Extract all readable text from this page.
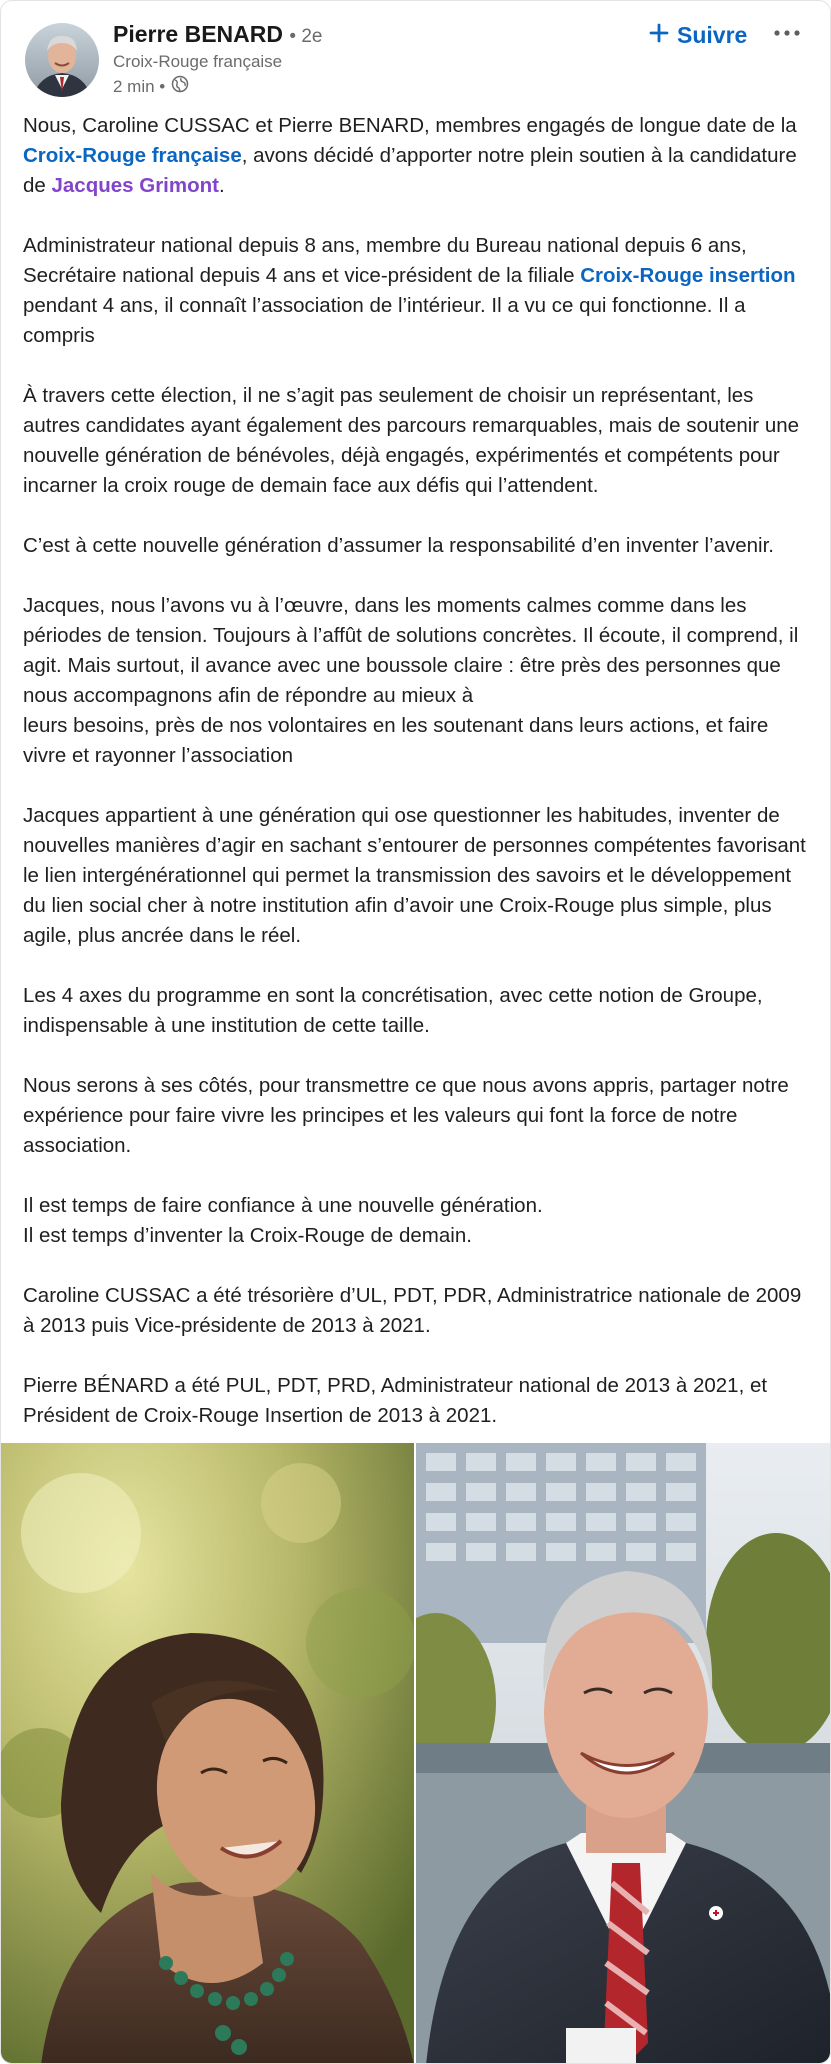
Pierre BENARD • 2e
Croix-Rouge française
2 min •
Suivre

Nous, Caroline CUSSAC et Pierre BENARD, membres engagés de longue date de la Croix-Rouge française, avons décidé d’apporter notre plein soutien à la candidature de Jacques Grimont.

Administrateur national depuis 8 ans, membre du Bureau national depuis 6 ans, Secrétaire national depuis 4 ans et vice-président de la filiale Croix-Rouge insertion pendant 4 ans, il connaît l’association de l’intérieur. Il a vu ce qui fonctionne. Il a compris

À travers cette élection, il ne s’agit pas seulement de choisir un représentant, les autres candidates ayant également des parcours remarquables, mais de soutenir une nouvelle génération de bénévoles, déjà engagés, expérimentés et compétents pour incarner la croix rouge de demain face aux défis qui l’attendent.

C’est à cette nouvelle génération d’assumer la responsabilité d’en inventer l’avenir.

Jacques, nous l’avons vu à l’œuvre, dans les moments calmes comme dans les périodes de tension. Toujours à l’affût de solutions concrètes. Il écoute, il comprend, il agit. Mais surtout, il avance avec une boussole claire : être près des personnes que nous accompagnons afin de répondre au mieux à
leurs besoins, près de nos volontaires en les soutenant dans leurs actions, et faire vivre et rayonner l’association

Jacques appartient à une génération qui ose questionner les habitudes, inventer de nouvelles manières d’agir en sachant s’entourer de personnes compétentes favorisant le lien intergénérationnel qui permet la transmission des savoirs et le développement du lien social cher à notre institution afin d’avoir une Croix-Rouge plus simple, plus agile, plus ancrée dans le réel.

Les 4 axes du programme en sont la concrétisation, avec cette notion de Groupe, indispensable à une institution de cette taille.

Nous serons à ses côtés, pour transmettre ce que nous avons appris, partager notre expérience pour faire vivre les principes et les valeurs qui font la force de notre association.

Il est temps de faire confiance à une nouvelle génération.
Il est temps d’inventer la Croix-Rouge de demain.

Caroline CUSSAC a été trésorière d’UL, PDT, PDR, Administratrice nationale de 2009 à 2013 puis Vice-présidente de 2013 à 2021.

Pierre BÉNARD a été PUL, PDT, PRD, Administrateur national de 2013 à 2021, et Président de Croix-Rouge Insertion de 2013 à 2021.
